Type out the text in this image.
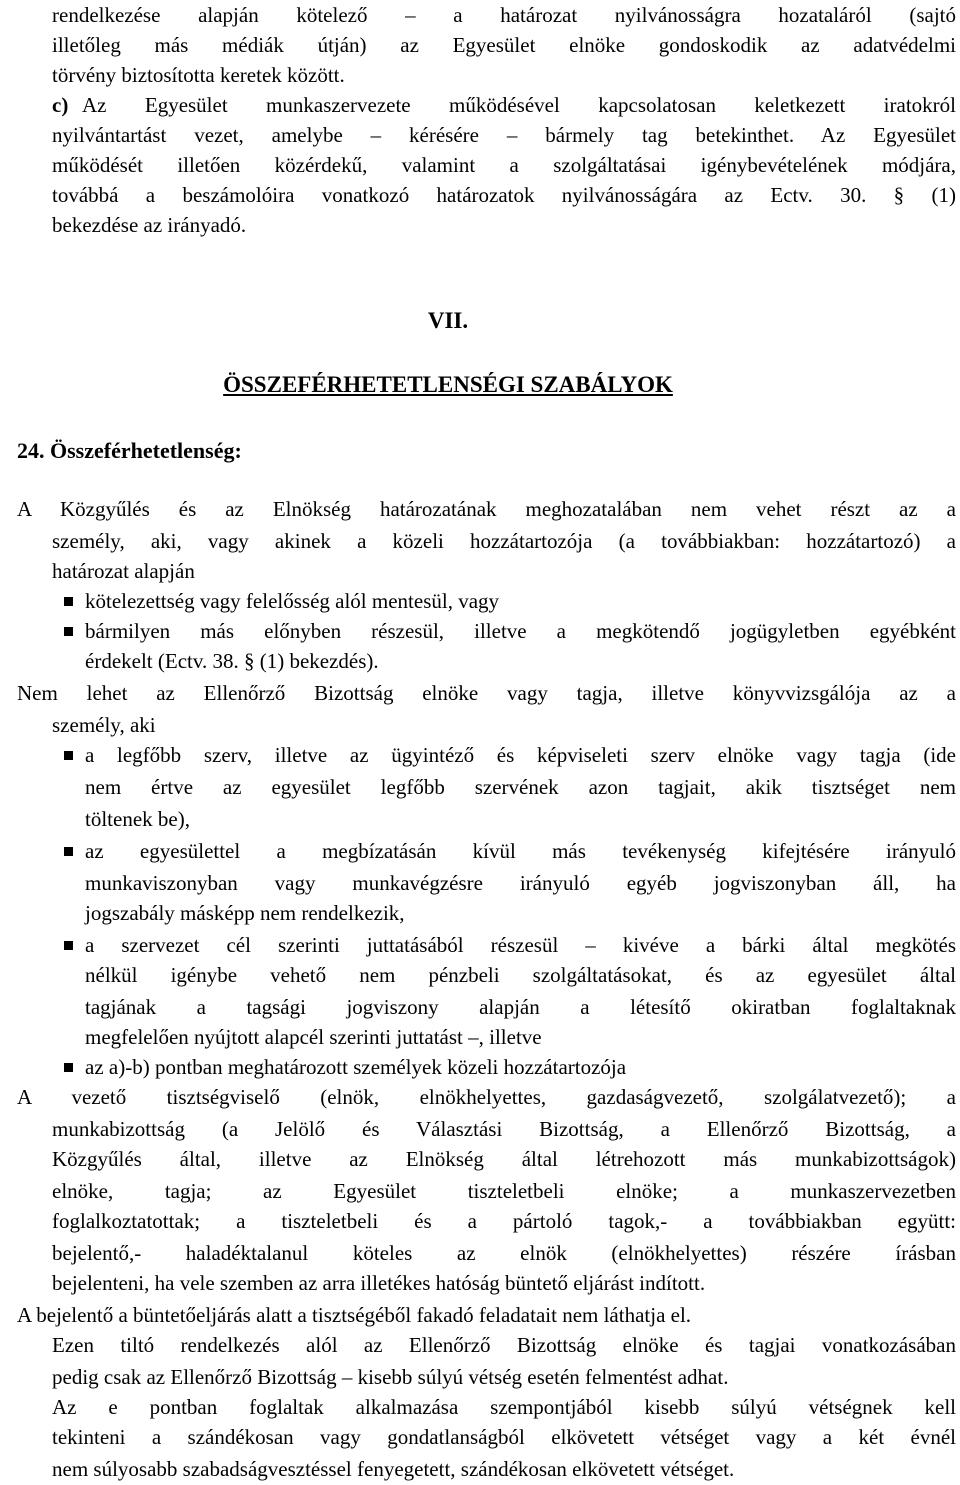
rendelkezése alapján kötelező – a határozat nyilvánosságra hozataláról (sajtó
illetőleg más médiák útján) az Egyesület elnöke gondoskodik az adatvédelmi
törvény biztosította keretek között.
c) Az Egyesület munkaszervezete működésével kapcsolatosan keletkezett iratokról
nyilvántartást vezet, amelybe – kérésére – bármely tag betekinthet. Az Egyesület
működését illetően közérdekű, valamint a szolgáltatásai igénybevételének módjára,
továbbá a beszámolóira vonatkozó határozatok nyilvánosságára az Ectv. 30. § (1)
bekezdése az irányadó.
VII.
ÖSSZEFÉRHETETLENSÉGI SZABÁLYOK
24. Összeférhetetlenség:
A Közgyűlés és az Elnökség határozatának meghozatalában nem vehet részt az a
személy, aki, vagy akinek a közeli hozzátartozója (a továbbiakban: hozzátartozó) a
határozat alapján
kötelezettség vagy felelősség alól mentesül, vagy
bármilyen más előnyben részesül, illetve a megkötendő jogügyletben egyébként
érdekelt (Ectv. 38. § (1) bekezdés).
Nem lehet az Ellenőrző Bizottság elnöke vagy tagja, illetve könyvvizsgálója az a
személy, aki
a legfőbb szerv, illetve az ügyintéző és képviseleti szerv elnöke vagy tagja (ide
nem értve az egyesület legfőbb szervének azon tagjait, akik tisztséget nem
töltenek be),
az egyesülettel a megbízatásán kívül más tevékenység kifejtésére irányuló
munkaviszonyban vagy munkavégzésre irányuló egyéb jogviszonyban áll, ha
jogszabály másképp nem rendelkezik,
a szervezet cél szerinti juttatásából részesül – kivéve a bárki által megkötés
nélkül igénybe vehető nem pénzbeli szolgáltatásokat, és az egyesület által
tagjának a tagsági jogviszony alapján a létesítő okiratban foglaltaknak
megfelelően nyújtott alapcél szerinti juttatást –, illetve
az a)-b) pontban meghatározott személyek közeli hozzátartozója
A vezető tisztségviselő (elnök, elnökhelyettes, gazdaságvezető, szolgálatvezető); a
munkabizottság (a Jelölő és Választási Bizottság, a Ellenőrző Bizottság, a
Közgyűlés által, illetve az Elnökség által létrehozott más munkabizottságok)
elnöke, tagja; az Egyesület tiszteletbeli elnöke; a munkaszervezetben
foglalkoztatottak; a tiszteletbeli és a pártoló tagok,- a továbbiakban együtt:
bejelentő,- haladéktalanul köteles az elnök (elnökhelyettes) részére írásban
bejelenteni, ha vele szemben az arra illetékes hatóság büntető eljárást indított.
A bejelentő a büntetőeljárás alatt a tisztségéből fakadó feladatait nem láthatja el.
Ezen tiltó rendelkezés alól az Ellenőrző Bizottság elnöke és tagjai vonatkozásában
pedig csak az Ellenőrző Bizottság – kisebb súlyú vétség esetén felmentést adhat.
Az e pontban foglaltak alkalmazása szempontjából kisebb súlyú vétségnek kell
tekinteni a szándékosan vagy gondatlanságból elkövetett vétséget vagy a két évnél
nem súlyosabb szabadságvesztéssel fenyegetett, szándékosan elkövetett vétséget.
